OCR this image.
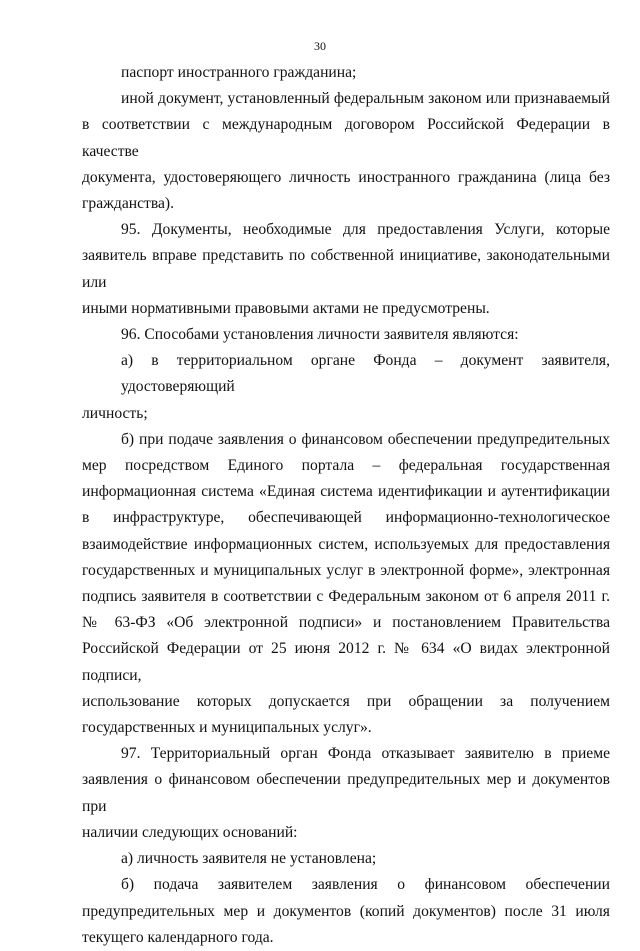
30
паспорт иностранного гражданина;
иной документ, установленный федеральным законом или признаваемый
в соответствии с международным договором Российской Федерации в качестве
документа, удостоверяющего личность иностранного гражданина (лица без
гражданства).
95. Документы, необходимые для предоставления Услуги, которые
заявитель вправе представить по собственной инициативе, законодательными или
иными нормативными правовыми актами не предусмотрены.
96. Способами установления личности заявителя являются:
а) в территориальном органе Фонда – документ заявителя, удостоверяющий
личность;
б) при подаче заявления о финансовом обеспечении предупредительных
мер посредством Единого портала – федеральная государственная
информационная система «Единая система идентификации и аутентификации
в инфраструктуре, обеспечивающей информационно-технологическое
взаимодействие информационных систем, используемых для предоставления
государственных и муниципальных услуг в электронной форме», электронная
подпись заявителя в соответствии с Федеральным законом от 6 апреля 2011 г.
№ 63-ФЗ «Об электронной подписи» и постановлением Правительства
Российской Федерации от 25 июня 2012 г. № 634 «О видах электронной подписи,
использование которых допускается при обращении за получением
государственных и муниципальных услуг».
97. Территориальный орган Фонда отказывает заявителю в приеме
заявления о финансовом обеспечении предупредительных мер и документов при
наличии следующих оснований:
а) личность заявителя не установлена;
б) подача заявителем заявления о финансовом обеспечении
предупредительных мер и документов (копий документов) после 31 июля
текущего календарного года.
